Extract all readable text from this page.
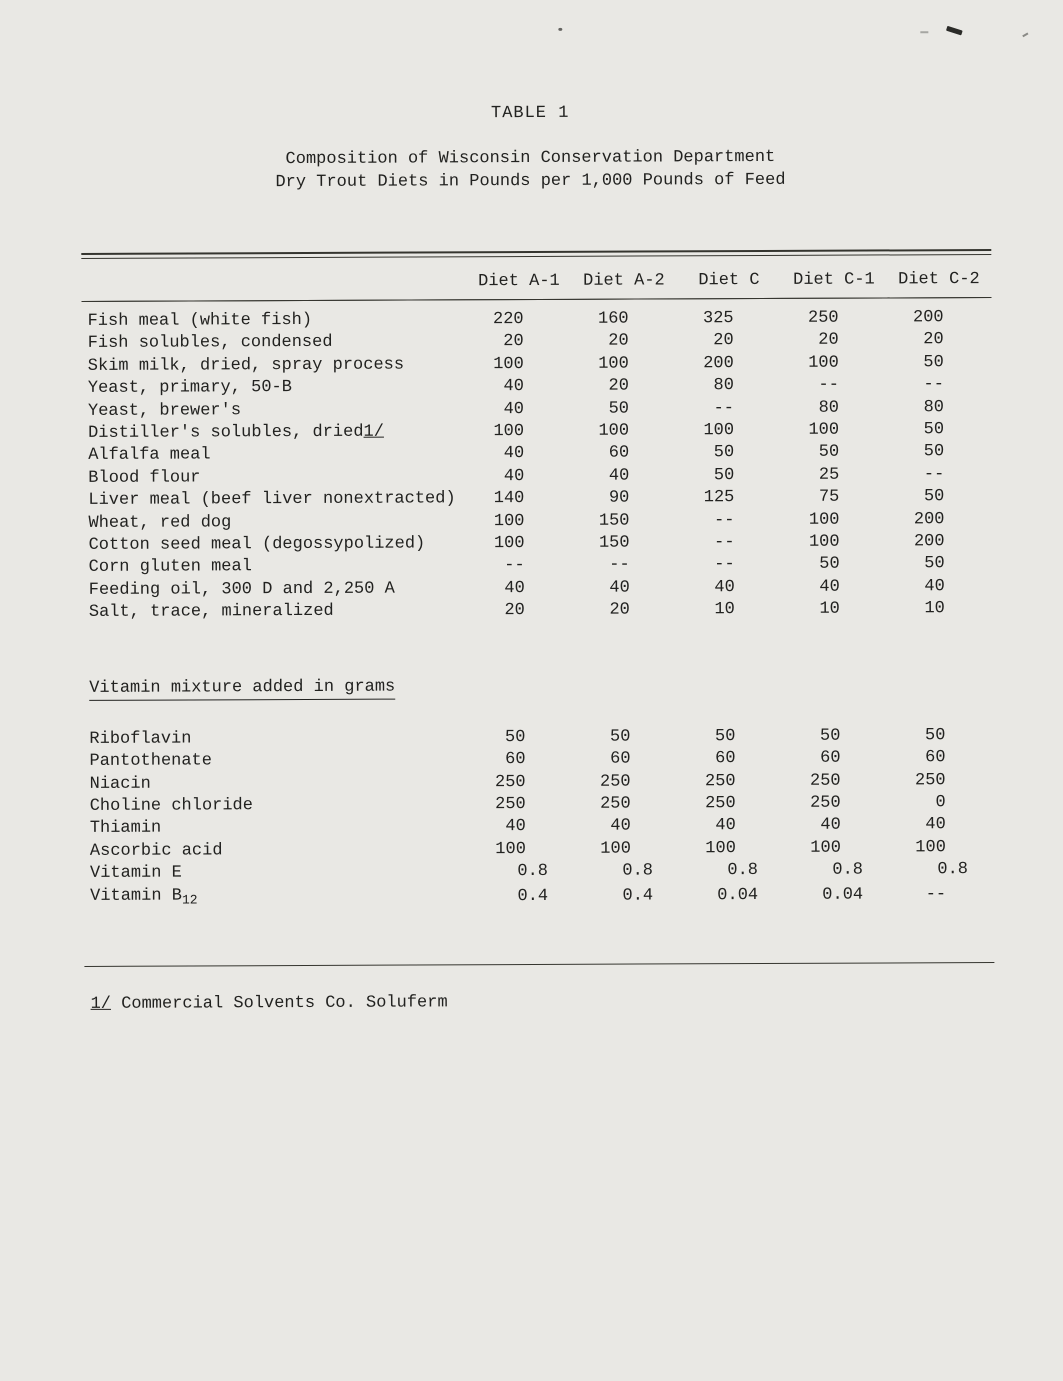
TABLE 1
Composition of Wisconsin Conservation Department
Dry Trout Diets in Pounds per 1,000 Pounds of Feed
	Diet A-1	Diet A-2	Diet C	Diet C-1	Diet C-2
Fish meal (white fish)	220	160	325	250	200
Fish solubles, condensed	20	20	20	20	20
Skim milk, dried, spray process	100	100	200	100	50
Yeast, primary, 50-B	40	20	80	--	--
Yeast, brewer's	40	50	--	80	80
Distiller's solubles, dried1/	100	100	100	100	50
Alfalfa meal	40	60	50	50	50
Blood flour	40	40	50	25	--
Liver meal (beef liver nonextracted)	140	90	125	75	50
Wheat, red dog	100	150	--	100	200
Cotton seed meal (degossypolized)	100	150	--	100	200
Corn gluten meal	--	--	--	50	50
Feeding oil, 300 D and 2,250 A	40	40	40	40	40
Salt, trace, mineralized	20	20	10	10	10
Vitamin mixture added in grams
Riboflavin	50	50	50	50	50
Pantothenate	60	60	60	60	60
Niacin	250	250	250	250	250
Choline chloride	250	250	250	250	0
Thiamin	40	40	40	40	40
Ascorbic acid	100	100	100	100	100
Vitamin E	0.8	0.8	0.8	0.8	0.8
Vitamin $B_{12}$	0.4	0.4	0.04	0.04	--
1/ Commercial Solvents Co. Soluferm
